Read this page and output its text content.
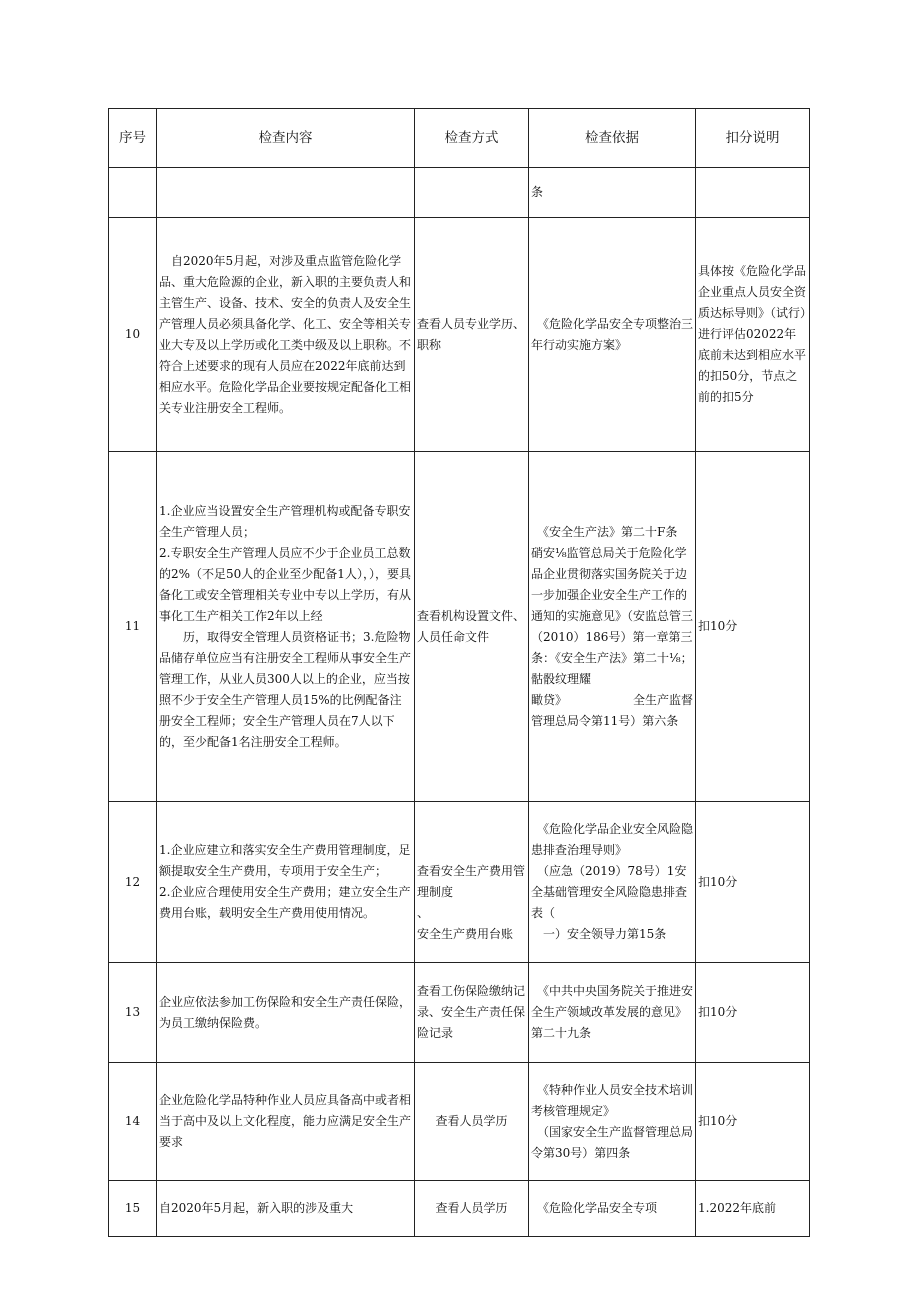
序号	检查内容	检查方式	检查依据	扣分说明
			条	
10	　自2020年5月起，对涉及重点监管危险化学品、重大危险源的企业，新入职的主要负责人和主管生产、设备、技术、安全的负责人及安全生产管理人员必须具备化学、化工、安全等相关专业大专及以上学历或化工类中级及以上职称。不符合上述要求的现有人员应在2022年底前达到相应水平。危险化学品企业要按规定配备化工相关专业注册安全工程师。	查看人员专业学历、职称	　《危险化学品安全专项整治三年行动实施方案》	具体按《危险化学品企业重点人员安全资质达标导则》（试行）进行评估02022年底前未达到相应水平的扣50分，节点之前的扣5分
11	1.企业应当设置安全生产管理机构或配备专职安全生产管理人员；
2.专职安全生产管理人员应不少于企业员工总数的2%（不足50人的企业至少配备1人），），要具备化工或安全管理相关专业中专以上学历，有从事化工生产相关工作2年以上经
　　历，取得安全管理人员资格证书；3.危险物品储存单位应当有注册安全工程师从事安全生产管理工作，从业人员300人以上的企业，应当按照不少于安全生产管理人员15%的比例配备注册安全工程师；安全生产管理人员在7人以下的，至少配备1名注册安全工程师。	查看机构设置文件、人员任命文件	　《安全生产法》第二十F条　　硝安⅛监管总局关于危险化学品企业贯彻落实国务院关于边一步加强企业安全生产工作的通知的实施意见》（安监总管三（2010）186号）第一章第三条：《安全生产法》第二十⅛；　　　骷骰纹理耀
瞰贷》　　　　　　全生产监督管理总局令第11号）第六条	扣10分
12	1.企业应建立和落实安全生产费用管理制度，足额提取安全生产费用，专项用于安全生产；
2.企业应合理使用安全生产费用；建立安全生产费用台账，载明安全生产费用使用情况。	

查看安全生产费用管理制度
、
安全生产费用台账	　《危险化学品企业安全风险隐患排查治理导则》
　（应急（2019）78号）1安全基础管理安全风险隐患排查表（
　一）安全领导力第15条	扣10分
13	企业应依法参加工伤保险和安全生产责任保险，为员工缴纳保险费。	查看工伤保险缴纳记录、安全生产责任保险记录	　《中共中央国务院关于推进安全生产领域改革发展的意见》第二十九条	扣10分
14	企业危险化学品特种作业人员应具备高中或者相当于高中及以上文化程度，能力应满足安全生产要求	查看人员学历	　《特种作业人员安全技术培训考核管理规定》
　（国家安全生产监督管理总局令第30号）第四条	扣10分
15	自2020年5月起，新入职的涉及重大	查看人员学历	　《危险化学品安全专项	1.2022年底前
